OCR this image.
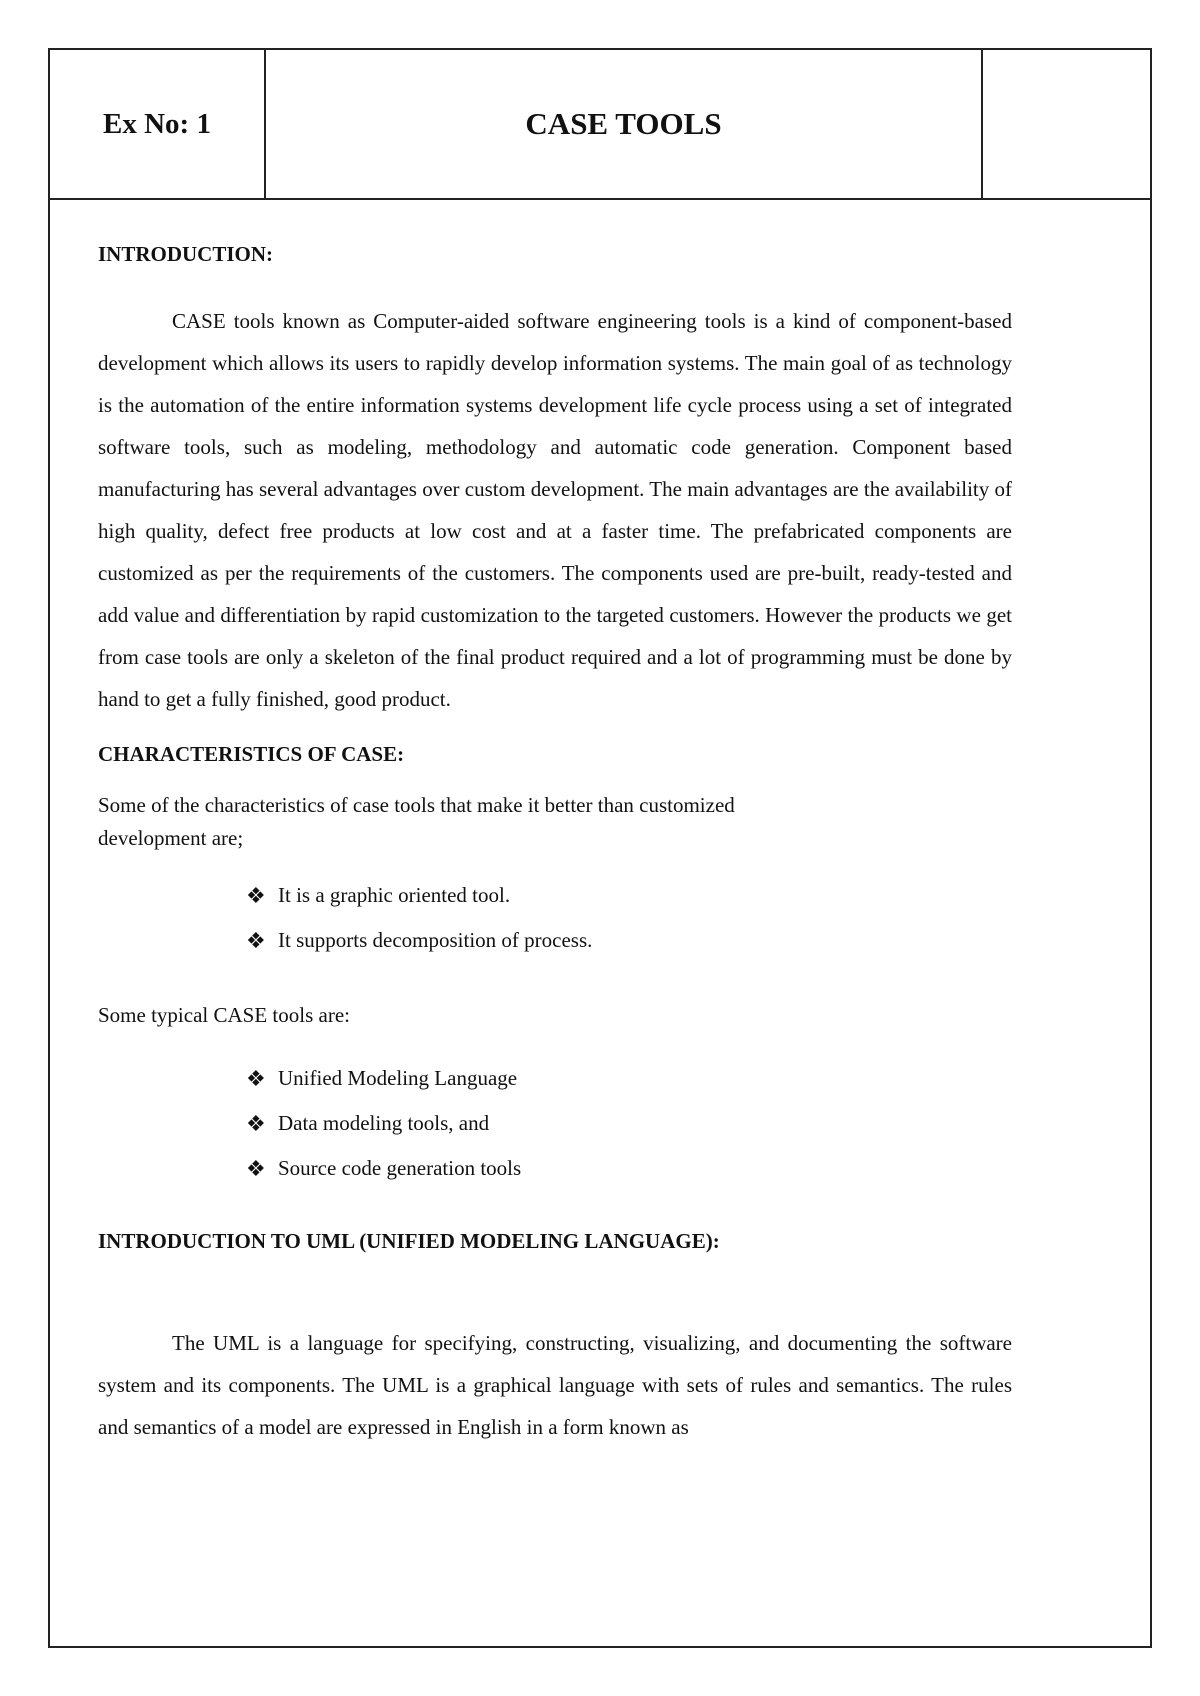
Ex No: 1	CASE TOOLS

INTRODUCTION:

CASE tools known as Computer-aided software engineering tools is a kind of component-based development which allows its users to rapidly develop information systems. The main goal of as technology is the automation of the entire information systems development life cycle process using a set of integrated software tools, such as modeling, methodology and automatic code generation. Component based manufacturing has several advantages over custom development. The main advantages are the availability of high quality, defect free products at low cost and at a faster time. The prefabricated components are customized as per the requirements of the customers. The components used are pre-built, ready-tested and add value and differentiation by rapid customization to the targeted customers. However the products we get from case tools are only a skeleton of the final product required and a lot of programming must be done by hand to get a fully finished, good product.

CHARACTERISTICS OF CASE:

Some of the characteristics of case tools that make it better than customized

development are;

❖ It is a graphic oriented tool.
❖ It supports decomposition of process.

Some typical CASE tools are:

❖ Unified Modeling Language
❖ Data modeling tools, and
❖ Source code generation tools

INTRODUCTION TO UML (UNIFIED MODELING LANGUAGE):

The UML is a language for specifying, constructing, visualizing, and documenting the software system and its components. The UML is a graphical language with sets of rules and semantics. The rules and semantics of a model are expressed in English in a form known as
